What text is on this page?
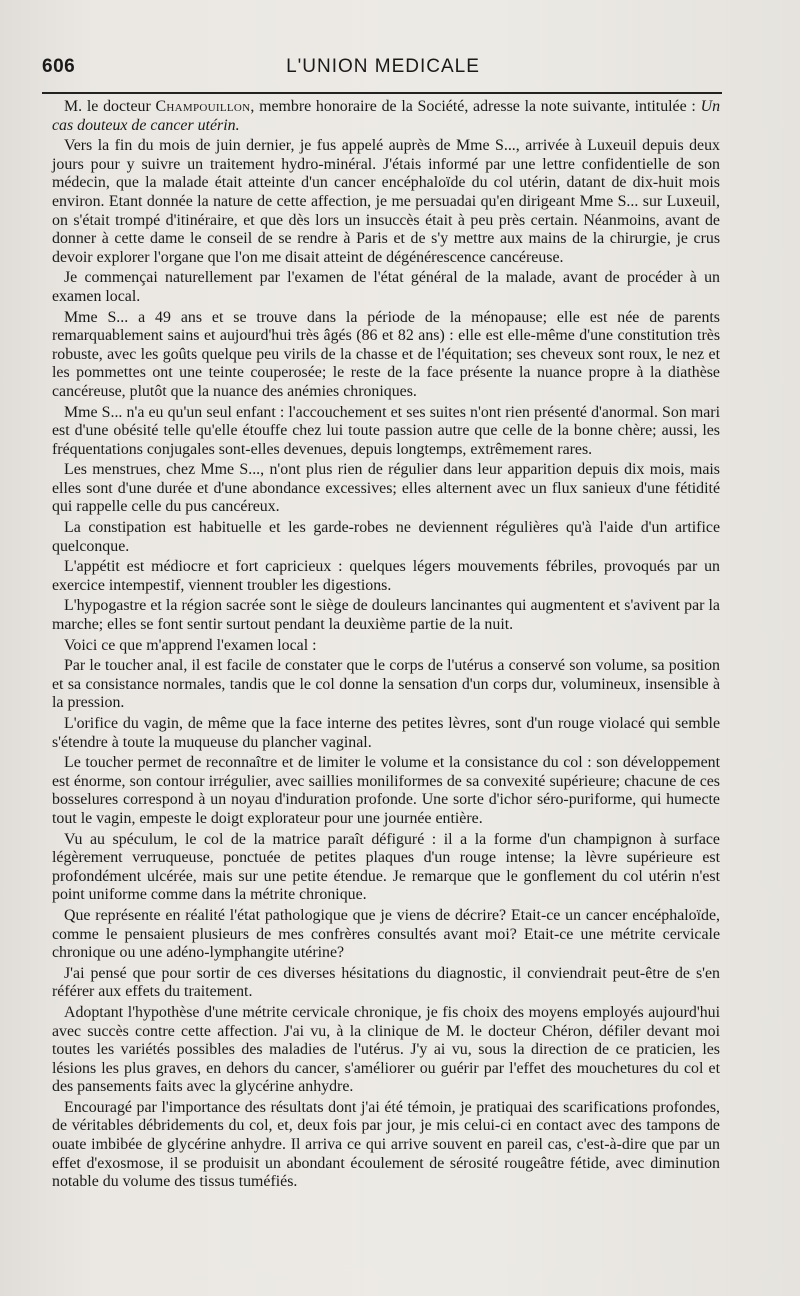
606	L'UNION MEDICALE

M. le docteur Champouillon, membre honoraire de la Société, adresse la note suivante, intitulée : Un cas douteux de cancer utérin.

Vers la fin du mois de juin dernier, je fus appelé auprès de Mme S..., arrivée à Luxeuil depuis deux jours pour y suivre un traitement hydro-minéral. J'étais informé par une lettre confidentielle de son médecin, que la malade était atteinte d'un cancer encéphaloïde du col utérin, datant de dix-huit mois environ. Etant donnée la nature de cette affection, je me persuadai qu'en dirigeant Mme S... sur Luxeuil, on s'était trompé d'itinéraire, et que dès lors un insuccès était à peu près certain. Néanmoins, avant de donner à cette dame le conseil de se rendre à Paris et de s'y mettre aux mains de la chirurgie, je crus devoir explorer l'organe que l'on me disait atteint de dégénérescence cancéreuse.

Je commençai naturellement par l'examen de l'état général de la malade, avant de procéder à un examen local.

Mme S... a 49 ans et se trouve dans la période de la ménopause; elle est née de parents remarquablement sains et aujourd'hui très âgés (86 et 82 ans) : elle est elle-même d'une constitution très robuste, avec les goûts quelque peu virils de la chasse et de l'équitation; ses cheveux sont roux, le nez et les pommettes ont une teinte couperosée; le reste de la face présente la nuance propre à la diathèse cancéreuse, plutôt que la nuance des anémies chroniques.

Mme S... n'a eu qu'un seul enfant : l'accouchement et ses suites n'ont rien présenté d'anormal. Son mari est d'une obésité telle qu'elle étouffe chez lui toute passion autre que celle de la bonne chère; aussi, les fréquentations conjugales sont-elles devenues, depuis longtemps, extrêmement rares.

Les menstrues, chez Mme S..., n'ont plus rien de régulier dans leur apparition depuis dix mois, mais elles sont d'une durée et d'une abondance excessives; elles alternent avec un flux sanieux d'une fétidité qui rappelle celle du pus cancéreux.

La constipation est habituelle et les garde-robes ne deviennent régulières qu'à l'aide d'un artifice quelconque.

L'appétit est médiocre et fort capricieux : quelques légers mouvements fébriles, provoqués par un exercice intempestif, viennent troubler les digestions.

L'hypogastre et la région sacrée sont le siège de douleurs lancinantes qui augmentent et s'avivent par la marche; elles se font sentir surtout pendant la deuxième partie de la nuit.

Voici ce que m'apprend l'examen local :

Par le toucher anal, il est facile de constater que le corps de l'utérus a conservé son volume, sa position et sa consistance normales, tandis que le col donne la sensation d'un corps dur, volumineux, insensible à la pression.

L'orifice du vagin, de même que la face interne des petites lèvres, sont d'un rouge violacé qui semble s'étendre à toute la muqueuse du plancher vaginal.

Le toucher permet de reconnaître et de limiter le volume et la consistance du col : son développement est énorme, son contour irrégulier, avec saillies moniliformes de sa convexité supérieure; chacune de ces bosselures correspond à un noyau d'induration profonde. Une sorte d'ichor séro-puriforme, qui humecte tout le vagin, empeste le doigt explorateur pour une journée entière.

Vu au spéculum, le col de la matrice paraît défiguré : il a la forme d'un champignon à surface légèrement verruqueuse, ponctuée de petites plaques d'un rouge intense; la lèvre supérieure est profondément ulcérée, mais sur une petite étendue. Je remarque que le gonflement du col utérin n'est point uniforme comme dans la métrite chronique.

Que représente en réalité l'état pathologique que je viens de décrire? Etait-ce un cancer encéphaloïde, comme le pensaient plusieurs de mes confrères consultés avant moi? Etait-ce une métrite cervicale chronique ou une adéno-lymphangite utérine?

J'ai pensé que pour sortir de ces diverses hésitations du diagnostic, il conviendrait peut-être de s'en référer aux effets du traitement.

Adoptant l'hypothèse d'une métrite cervicale chronique, je fis choix des moyens employés aujourd'hui avec succès contre cette affection. J'ai vu, à la clinique de M. le docteur Chéron, défiler devant moi toutes les variétés possibles des maladies de l'utérus. J'y ai vu, sous la direction de ce praticien, les lésions les plus graves, en dehors du cancer, s'améliorer ou guérir par l'effet des mouchetures du col et des pansements faits avec la glycérine anhydre.

Encouragé par l'importance des résultats dont j'ai été témoin, je pratiquai des scarifications profondes, de véritables débridements du col, et, deux fois par jour, je mis celui-ci en contact avec des tampons de ouate imbibée de glycérine anhydre. Il arriva ce qui arrive souvent en pareil cas, c'est-à-dire que par un effet d'exosmose, il se produisit un abondant écoulement de sérosité rougeâtre fétide, avec diminution notable du volume des tissus tuméfiés.
